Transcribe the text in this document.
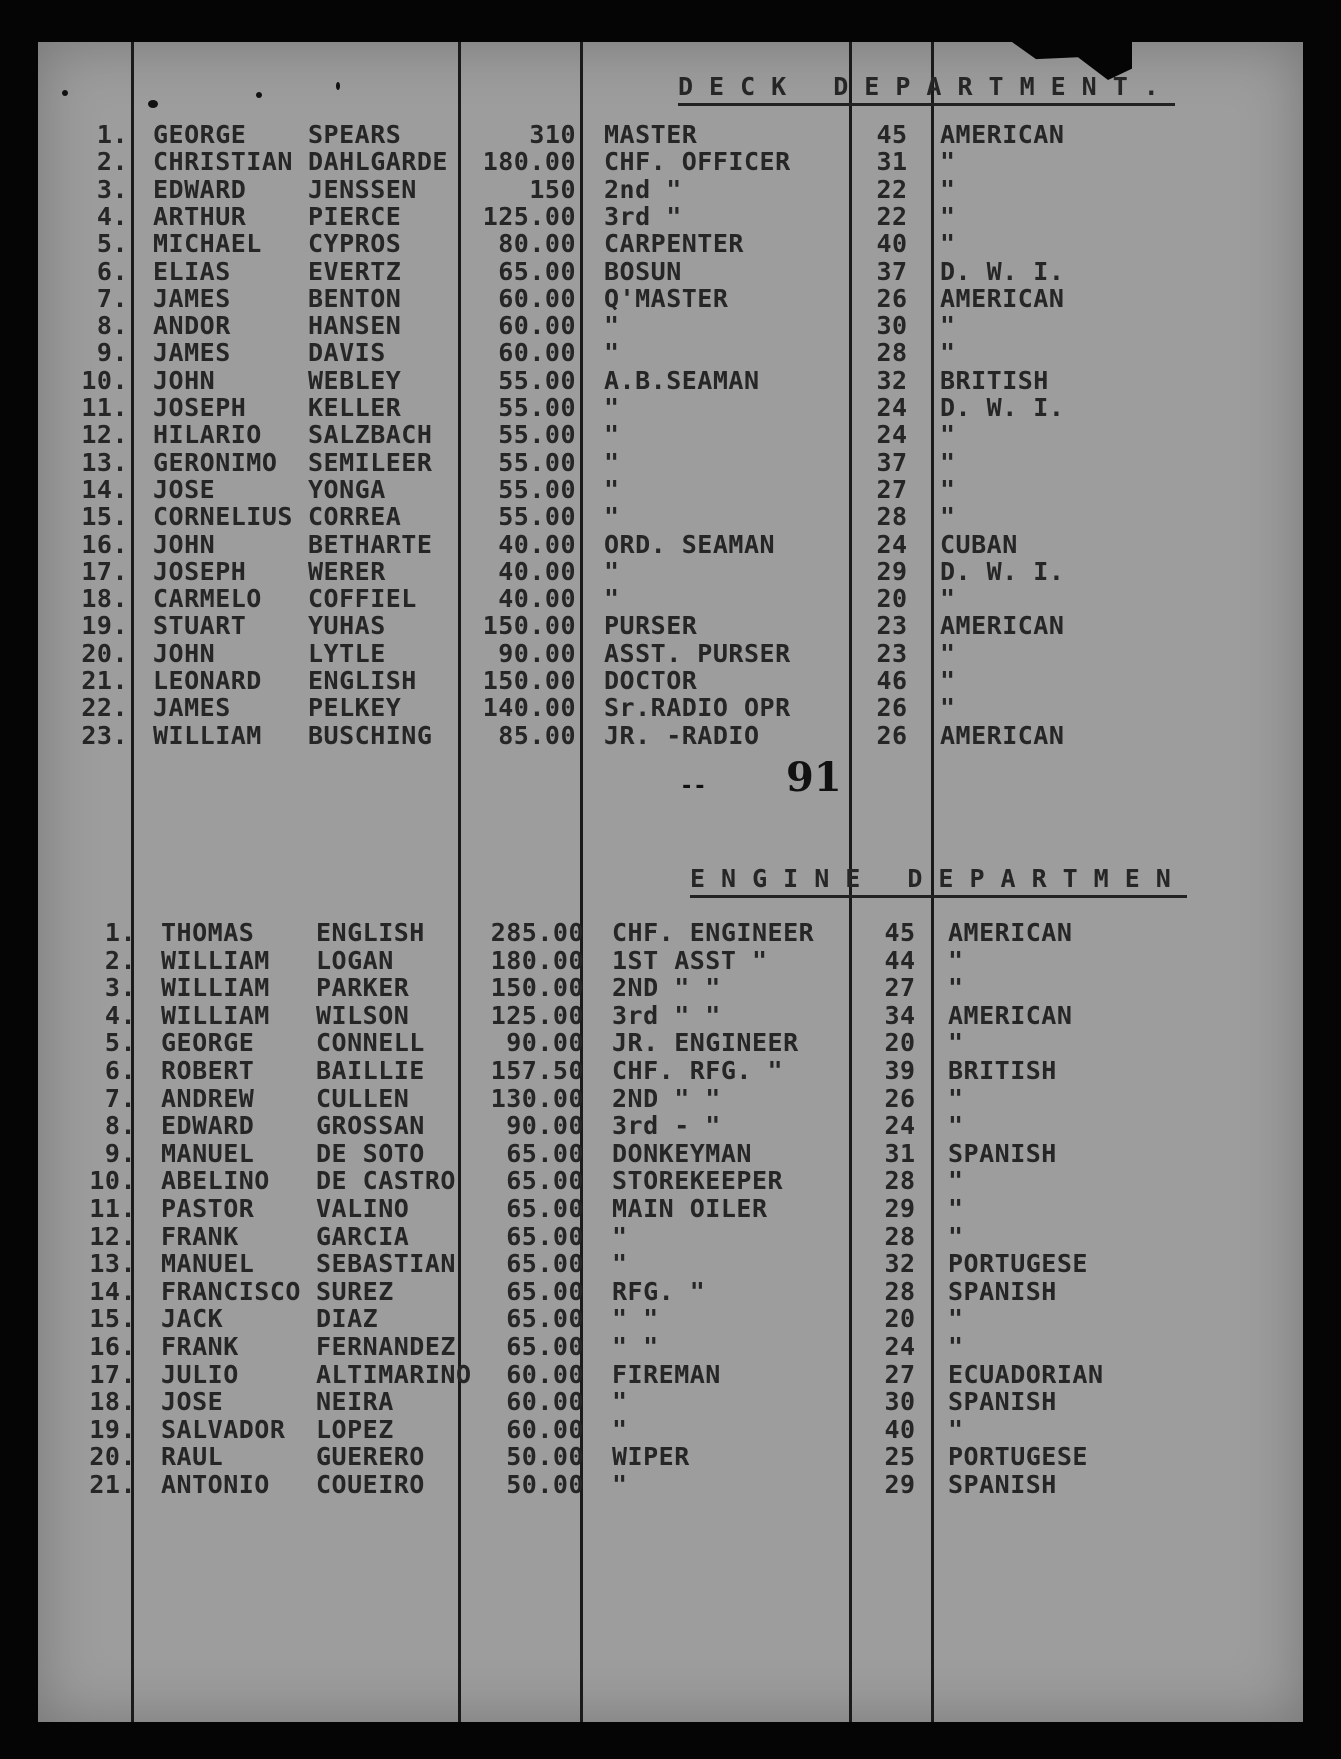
DECK DEPARTMENT.
1. GEORGE	SPEARS	310 MASTER	45	AMERICAN
2. CHRISTIAN DAHLGARDE	180.00 CHF. OFFICER	31	"
3. EDWARD	JENSSEN	150 2nd "	22	"
4. ARTHUR	PIERCE	125.00 3rd "	22	"
5. MICHAEL	CYPROS	80.00 CARPENTER	40	"
6. ELIAS	EVERTZ	65.00 BOSUN	37	D. W. I.
7. JAMES	BENTON	60.00 Q'MASTER	26	AMERICAN
8. ANDOR	HANSEN	60.00 "	30	"
9. JAMES	DAVIS	60.00 "	28	"
10. JOHN	WEBLEY	55.00 A.B.SEAMAN	32	BRITISH
11. JOSEPH	KELLER	55.00 "	24	D. W. I.
12. HILARIO	SALZBACH	55.00 "	24	"
13. GERONIMO	SEMILEER	55.00 "	37	"
14. JOSE	YONGA	55.00 "	27	"
15. CORNELIUS CORREA	55.00 "	28	"
16. JOHN	BETHARTE	40.00 ORD. SEAMAN	24	CUBAN
17. JOSEPH	WERER	40.00 "	29	D. W. I.
18. CARMELO	COFFIEL	40.00 "	20	"
19. STUART	YUHAS	150.00 PURSER	23	AMERICAN
20. JOHN	LYTLE	90.00 ASST. PURSER	23	"
21. LEONARD	ENGLISH	150.00 DOCTOR	46	"
22. JAMES	PELKEY	140.00 Sr.RADIO OPR	26	"
23. WILLIAM	BUSCHING	85.00 JR. -RADIO	26	AMERICAN
-- 91
ENGINE DEPARTMEN
1. THOMAS	ENGLISH	285.00 CHF. ENGINEER	45	AMERICAN
2. WILLIAM	LOGAN	180.00 1ST ASST "	44	"
3. WILLIAM	PARKER	150.00 2ND " "	27	"
4. WILLIAM	WILSON	125.00 3rd " "	34	AMERICAN
5. GEORGE	CONNELL	90.00 JR. ENGINEER	20	"
6. ROBERT	BAILLIE	157.50 CHF. RFG. "	39	BRITISH
7. ANDREW	CULLEN	130.00 2ND " "	26	"
8. EDWARD	GROSSAN	90.00 3rd - "	24	"
9. MANUEL	DE SOTO	65.00 DONKEYMAN	31	SPANISH
10. ABELINO	DE CASTRO	65.00 STOREKEEPER	28	"
11. PASTOR	VALINO	65.00 MAIN OILER	29	"
12. FRANK	GARCIA	65.00 "	28	"
13. MANUEL	SEBASTIAN	65.00 "	32	PORTUGESE
14. FRANCISCO SUREZ	65.00 RFG. "	28	SPANISH
15. JACK	DIAZ	65.00 " "	20	"
16. FRANK	FERNANDEZ	65.00 " "	24	"
17. JULIO	ALTIMARINO	60.00 FIREMAN	27	ECUADORIAN
18. JOSE	NEIRA	60.00 "	30	SPANISH
19. SALVADOR	LOPEZ	60.00 "	40	"
20. RAUL	GUERERO	50.00 WIPER	25	PORTUGESE
21. ANTONIO	COUEIRO	50.00 "	29	SPANISH
